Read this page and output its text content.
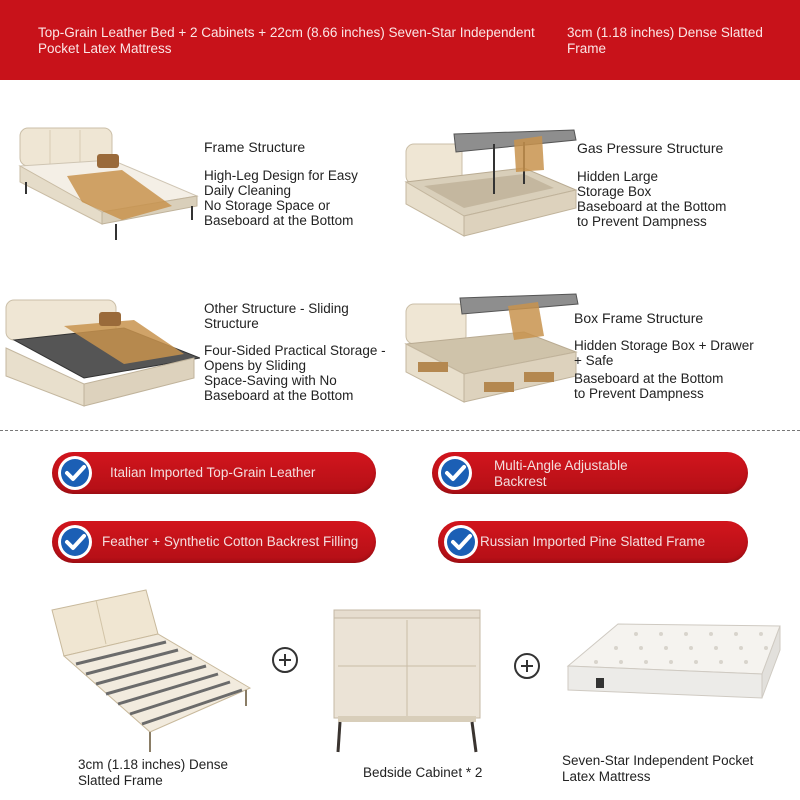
Top-Grain Leather Bed + 2 Cabinets + 22cm (8.66 inches) Seven-Star Independent Pocket Latex Mattress
3cm (1.18 inches) Dense Slatted Frame
Frame Structure
High-Leg Design for Easy
Daily Cleaning
No Storage Space or
Baseboard at the Bottom
Gas Pressure Structure
Hidden Large
Storage Box
Baseboard at the Bottom
to Prevent Dampness
Other Structure - Sliding Structure
Four-Sided Practical Storage -
Opens by Sliding
Space-Saving with No
Baseboard at the Bottom
Box Frame Structure
Hidden Storage Box + Drawer
+ Safe
Baseboard at the Bottom
to Prevent Dampness
Italian Imported Top-Grain Leather	Multi-Angle Adjustable Backrest
Feather + Synthetic Cotton Backrest Filling	Russian Imported Pine Slatted Frame
3cm (1.18 inches) Dense Slatted Frame
Bedside Cabinet * 2
Seven-Star Independent Pocket Latex Mattress
